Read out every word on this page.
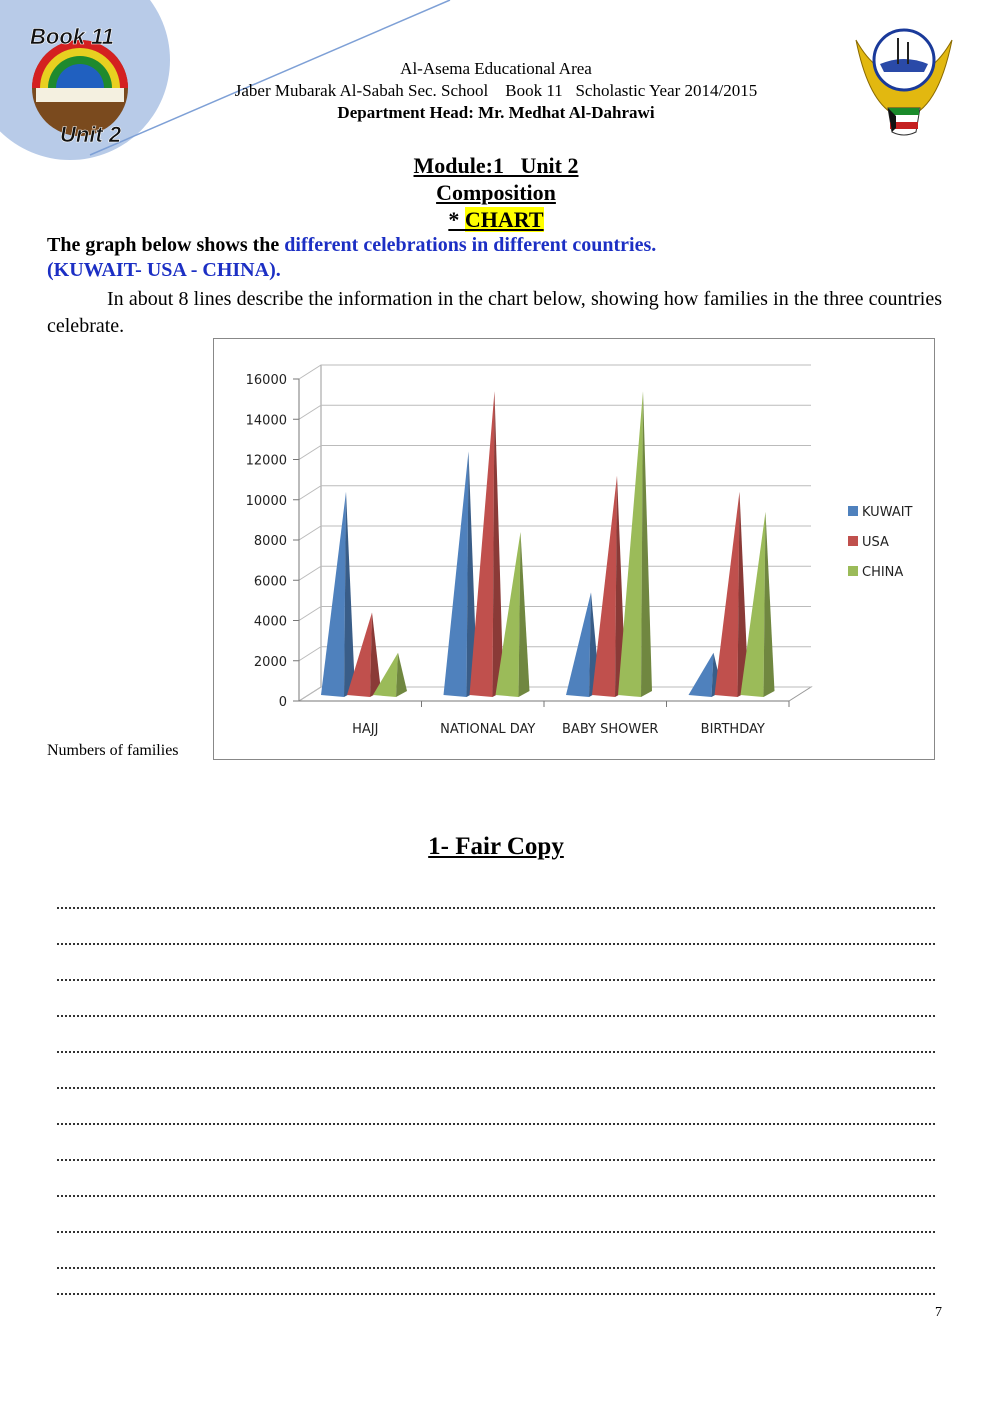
Book 11
Unit 2
Al-Asema Educational Area
Jaber Mubarak Al-Sabah Sec. School    Book 11   Scholastic Year 2014/2015
Department Head: Mr. Medhat Al-Dahrawi
Module:1   Unit 2
Composition
* CHART
The graph below shows the different celebrations in different countries.
(KUWAIT- USA - CHINA).
In about 8 lines describe the information in the chart below, showing how families in the three countries celebrate.
Numbers of families
0
2000
4000
6000
8000
10000
12000
14000
16000
HAJJ	NATIONAL DAY BABY SHOWER	BIRTHDAY
KUWAIT
USA
CHINA
1- Fair Copy
7
